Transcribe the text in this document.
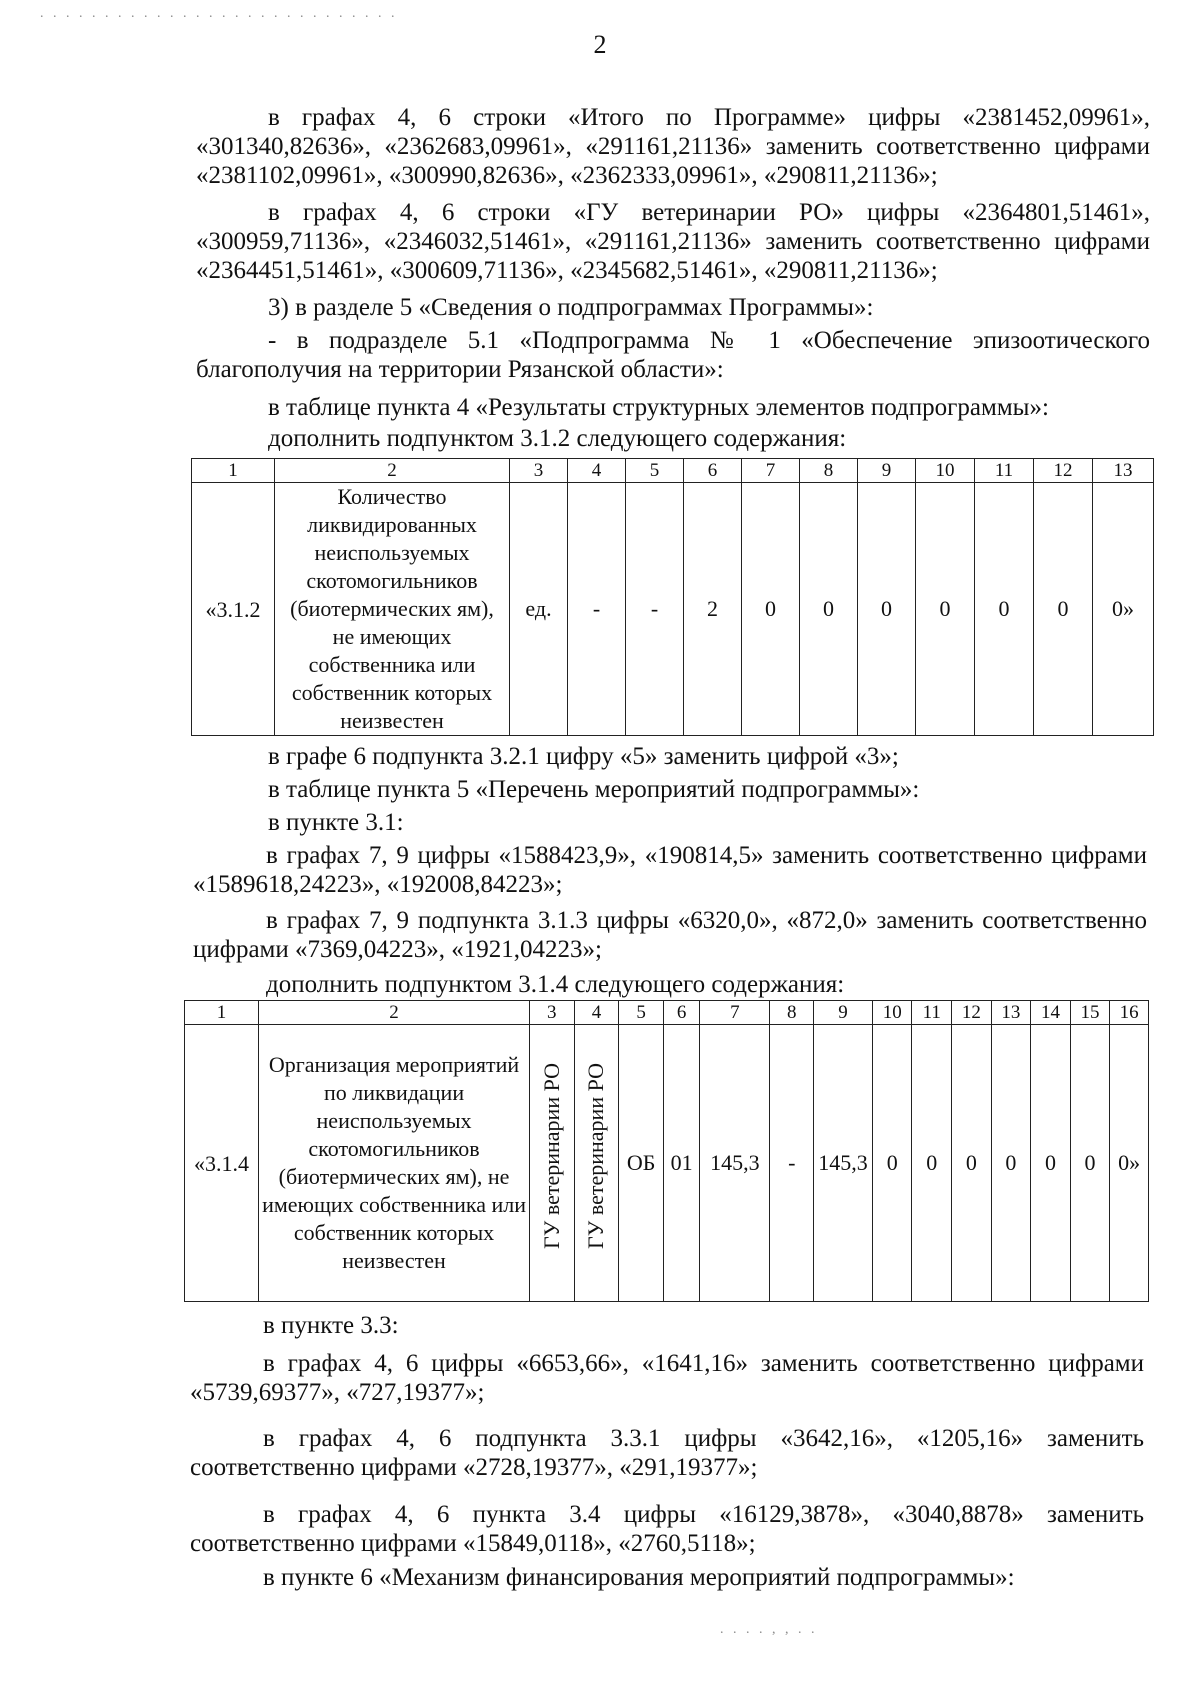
. . . . . . . . . . . . . . . . . . . . . . . . . . . .
2
в графах 4, 6 строки «Итого по Программе» цифры «2381452,09961», «301340,82636», «2362683,09961», «291161,21136» заменить соответственно цифрами «2381102,09961», «300990,82636», «2362333,09961», «290811,21136»;
в графах 4, 6 строки «ГУ ветеринарии РО» цифры «2364801,51461», «300959,71136», «2346032,51461», «291161,21136» заменить соответственно цифрами «2364451,51461», «300609,71136», «2345682,51461», «290811,21136»;
3) в разделе 5 «Сведения о подпрограммах Программы»:
- в подразделе 5.1 «Подпрограмма № 1 «Обеспечение эпизоотического благополучия на территории Рязанской области»:
в таблице пункта 4 «Результаты структурных элементов подпрограммы»:
дополнить подпунктом 3.1.2 следующего содержания:
1	2	3	4	5	6	7	8	9	10	11	12	13
«3.1.2	Количество ликвидированных неиспользуемых скотомогильников (биотермических ям), не имеющих собственника или собственник которых неизвестен	ед.	-	-	2	0	0	0	0	0	0	0»
в графе 6 подпункта 3.2.1 цифру «5» заменить цифрой «3»;
в таблице пункта 5 «Перечень мероприятий подпрограммы»:
в пункте 3.1:
в графах 7, 9 цифры «1588423,9», «190814,5» заменить соответственно цифрами «1589618,24223», «192008,84223»;
в графах 7, 9 подпункта 3.1.3 цифры «6320,0», «872,0» заменить соответственно цифрами «7369,04223», «1921,04223»;
дополнить подпунктом 3.1.4 следующего содержания:
1	2	3	4	5	6	7	8	9	10	11	12	13	14	15	16
«3.1.4	Организация мероприятий по ликвидации неиспользуемых скотомогильников (биотермических ям), не имеющих собственника или собственник которых неизвестен	ГУ ветеринарии РО	ГУ ветеринарии РО	ОБ	01	145,3	-	145,3	0	0	0	0	0	0	0»
в пункте 3.3:
в графах 4, 6 цифры «6653,66», «1641,16» заменить соответственно цифрами «5739,69377», «727,19377»;
в графах 4, 6 подпункта 3.3.1 цифры «3642,16», «1205,16» заменить соответственно цифрами «2728,19377», «291,19377»;
в графах 4, 6 пункта 3.4 цифры «16129,3878», «3040,8878» заменить соответственно цифрами «15849,0118», «2760,5118»;
в пункте 6 «Механизм финансирования мероприятий подпрограммы»:
. . . . , , . .
